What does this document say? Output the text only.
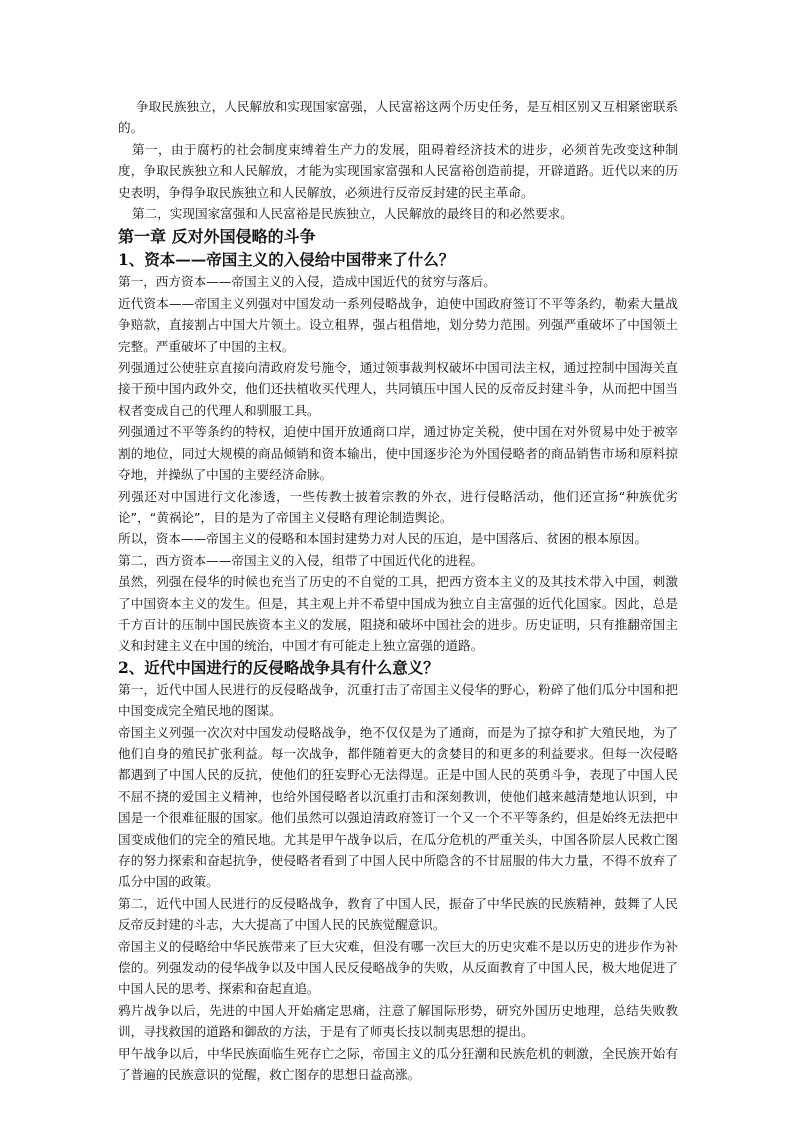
争取民族独立，人民解放和实现国家富强，人民富裕这两个历史任务，是互相区别又互相紧密联系的。

第一，由于腐朽的社会制度束缚着生产力的发展，阻碍着经济技术的进步，必须首先改变这种制度，争取民族独立和人民解放，才能为实现国家富强和人民富裕创造前提，开辟道路。近代以来的历史表明，争得争取民族独立和人民解放，必须进行反帝反封建的民主革命。

第二，实现国家富强和人民富裕是民族独立，人民解放的最终目的和必然要求。

第一章 反对外国侵略的斗争
1、资本——帝国主义的入侵给中国带来了什么？

第一，西方资本——帝国主义的入侵，造成中国近代的贫穷与落后。

近代资本——帝国主义列强对中国发动一系列侵略战争，迫使中国政府签订不平等条约，勒索大量战争赔款，直接割占中国大片领土。设立租界，强占租借地，划分势力范围。列强严重破坏了中国领土完整。严重破坏了中国的主权。

列强通过公使驻京直接向清政府发号施令，通过领事裁判权破坏中国司法主权，通过控制中国海关直接干预中国内政外交，他们还扶植收买代理人，共同镇压中国人民的反帝反封建斗争，从而把中国当权者变成自己的代理人和驯服工具。

列强通过不平等条约的特权，迫使中国开放通商口岸，通过协定关税，使中国在对外贸易中处于被宰割的地位，同过大规模的商品倾销和资本输出，使中国逐步沦为外国侵略者的商品销售市场和原料掠夺地，并操纵了中国的主要经济命脉。

列强还对中国进行文化渗透，一些传教士披着宗教的外衣，进行侵略活动，他们还宣扬“种族优劣论”，“黄祸论”，目的是为了帝国主义侵略有理论制造舆论。

所以，资本——帝国主义的侵略和本国封建势力对人民的压迫，是中国落后、贫困的根本原因。

第二，西方资本——帝国主义的入侵，组带了中国近代化的进程。

虽然，列强在侵华的时候也充当了历史的不自觉的工具，把西方资本主义的及其技术带入中国，刺激了中国资本主义的发生。但是，其主观上并不希望中国成为独立自主富强的近代化国家。因此，总是千方百计的压制中国民族资本主义的发展，阻挠和破坏中国社会的进步。历史证明，只有推翻帝国主义和封建主义在中国的统治，中国才有可能走上独立富强的道路。

2、近代中国进行的反侵略战争具有什么意义？

第一，近代中国人民进行的反侵略战争，沉重打击了帝国主义侵华的野心，粉碎了他们瓜分中国和把中国变成完全殖民地的图谋。

帝国主义列强一次次对中国发动侵略战争，绝不仅仅是为了通商，而是为了掠夺和扩大殖民地，为了他们自身的殖民扩张利益。每一次战争，都伴随着更大的贪婪目的和更多的利益要求。但每一次侵略都遇到了中国人民的反抗，使他们的狂妄野心无法得逞。正是中国人民的英勇斗争，表现了中国人民不屈不挠的爱国主义精神，也给外国侵略者以沉重打击和深刻教训，使他们越来越清楚地认识到，中国是一个很难征服的国家。他们虽然可以强迫清政府签订一个又一个不平等条约，但是始终无法把中国变成他们的完全的殖民地。尤其是甲午战争以后，在瓜分危机的严重关头，中国各阶层人民救亡图存的努力探索和奋起抗争，使侵略者看到了中国人民中所隐含的不甘屈服的伟大力量，不得不放弃了瓜分中国的政策。

第二，近代中国人民进行的反侵略战争，教育了中国人民，振奋了中华民族的民族精神，鼓舞了人民反帝反封建的斗志，大大提高了中国人民的民族觉醒意识。

帝国主义的侵略给中华民族带来了巨大灾难，但没有哪一次巨大的历史灾难不是以历史的进步作为补偿的。列强发动的侵华战争以及中国人民反侵略战争的失败，从反面教育了中国人民，极大地促进了中国人民的思考、探索和奋起直追。

鸦片战争以后，先进的中国人开始痛定思痛，注意了解国际形势，研究外国历史地理，总结失败教训，寻找救国的道路和御敌的方法，于是有了师夷长技以制夷思想的提出。

甲午战争以后，中华民族面临生死存亡之际，帝国主义的瓜分狂潮和民族危机的刺激，全民族开始有了普遍的民族意识的觉醒，救亡图存的思想日益高涨。
